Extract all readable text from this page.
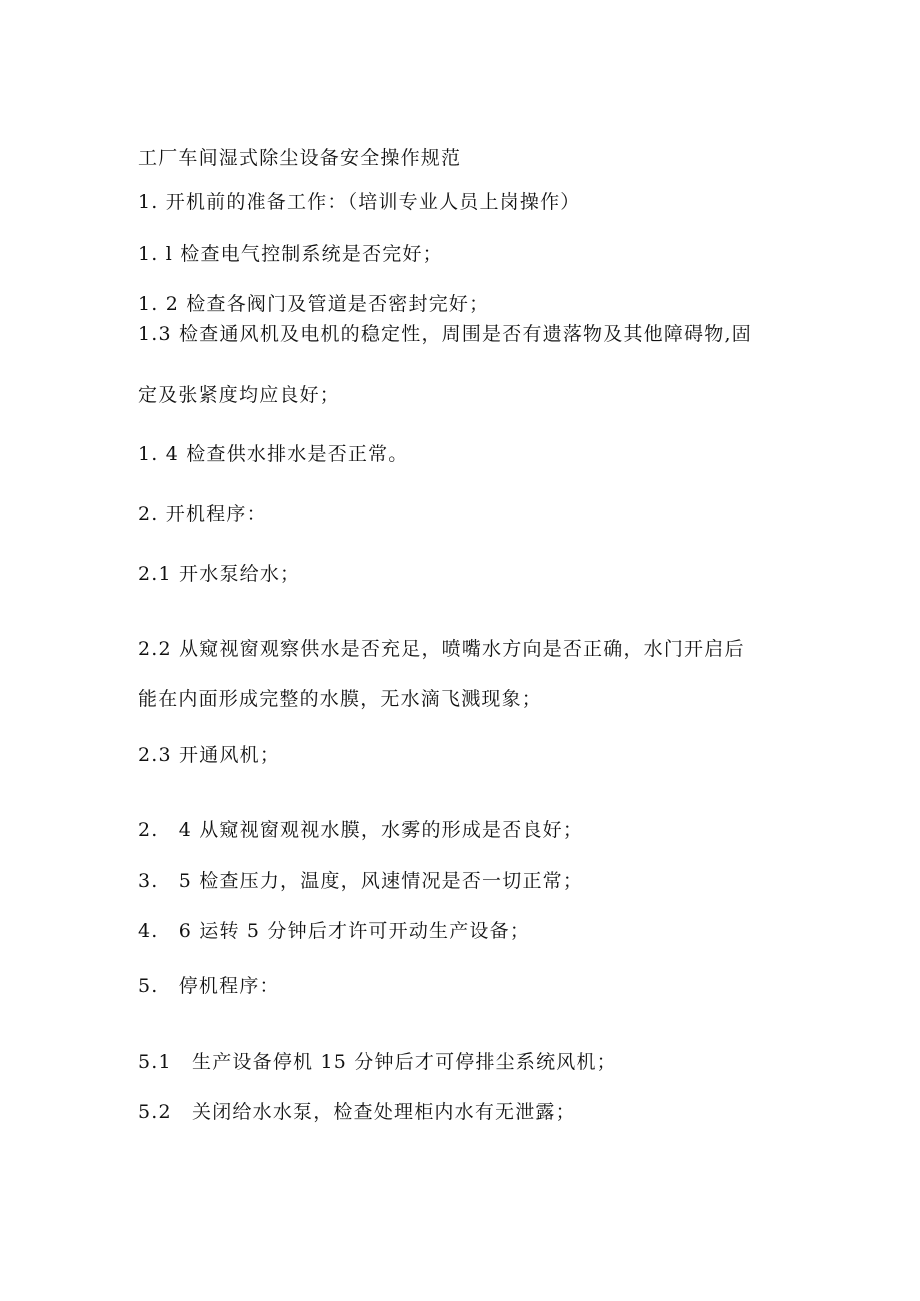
工厂车间湿式除尘设备安全操作规范
1. 开机前的准备工作：（培训专业人员上岗操作）
1. l 检查电气控制系统是否完好；
1. 2 检查各阀门及管道是否密封完好；
1.3 检查通风机及电机的稳定性，周围是否有遗落物及其他障碍物,固
定及张紧度均应良好；
1. 4 检查供水排水是否正常。
2. 开机程序：
2.1 开水泵给水；
2.2 从窥视窗观察供水是否充足，喷嘴水方向是否正确，水门开启后
能在内面形成完整的水膜，无水滴飞溅现象；
2.3 开通风机；
2.　4 从窥视窗观视水膜，水雾的形成是否良好；
3.　5 检查压力，温度，风速情况是否一切正常；
4.　6 运转 5 分钟后才许可开动生产设备；
5.　停机程序：
5.1　生产设备停机 15 分钟后才可停排尘系统风机；
5.2　关闭给水水泵，检查处理柜内水有无泄露；
